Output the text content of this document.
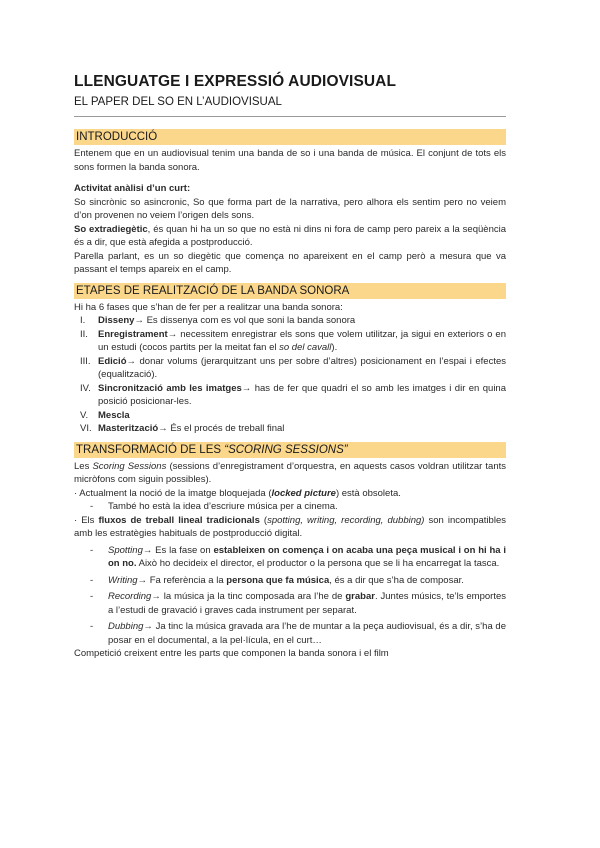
LLENGUATGE I EXPRESSIÓ AUDIOVISUAL
EL PAPER DEL SO EN L’AUDIOVISUAL
INTRODUCCIÓ

Entenem que en un audiovisual tenim una banda de so i una banda de música. El conjunt de tots els sons formen la banda sonora.

Activitat anàlisi d’un curt:

So sincrònic so asincronic, So que forma part de la narrativa, pero alhora els sentim pero no veiem d’on provenen no veiem l’origen dels sons.

So extradiegètic, és quan hi ha un so que no està ni dins ni fora de camp pero pareix a la seqüència és a dir, que està afegida a postproducció.

Parella parlant, es un so diegètic que comença no apareixent en el camp però a mesura que va passant el temps apareix en el camp.

ETAPES DE REALITZACIÓ DE LA BANDA SONORA

Hi ha 6 fases que s’han de fer per a realitzar una banda sonora:

I.	Disseny→ Es dissenya com es vol que soni la banda sonora
II.	Enregistrament→ necessitem enregistrar els sons que volem utilitzar, ja sigui en exteriors o en un estudi (cocos partits per la meitat fan el so del cavall).
III. Edició→ donar volums (jerarquitzant uns per sobre d’altres) posicionament en l’espai i efectes (equalització).
IV. Sincronització amb les imatges→ has de fer que quadri el so amb les imatges i dir en quina posició posicionar-les.
V.	Mescla
VI. Masterització→ És el procés de treball final
TRANSFORMACIÓ DE LES “SCORING SESSIONS”

Les Scoring Sessions (sessions d’enregistrament d’orquestra, en aquests casos voldran utilitzar tants micròfons com siguin possibles).

· Actualment la noció de la imatge bloquejada (locked picture) està obsoleta.

- També ho està la idea d’escriure música per a cinema.

· Els fluxos de treball lineal tradicionals (spotting, writing, recording, dubbing) son incompatibles amb les estratègies habituals de postproducció digital.

- Spotting→ Es la fase on estableixen on comença i on acaba una peça musical i on hi ha i on no. Això ho decideix el director, el productor o la persona que se li ha encarregat la tasca.
- Writing→ Fa referència a la persona que fa música, és a dir que s’ha de composar.
- Recording→ la música ja la tinc composada ara l’he de grabar. Juntes músics, te’ls emportes a l’estudi de gravació i graves cada instrument per separat.
- Dubbing→ Ja tinc la música gravada ara l’he de muntar a la peça audiovisual, és a dir, s’ha de posar en el documental, a la pel·lícula, en el curt…

Competició creixent entre les parts que componen la banda sonora i el film
